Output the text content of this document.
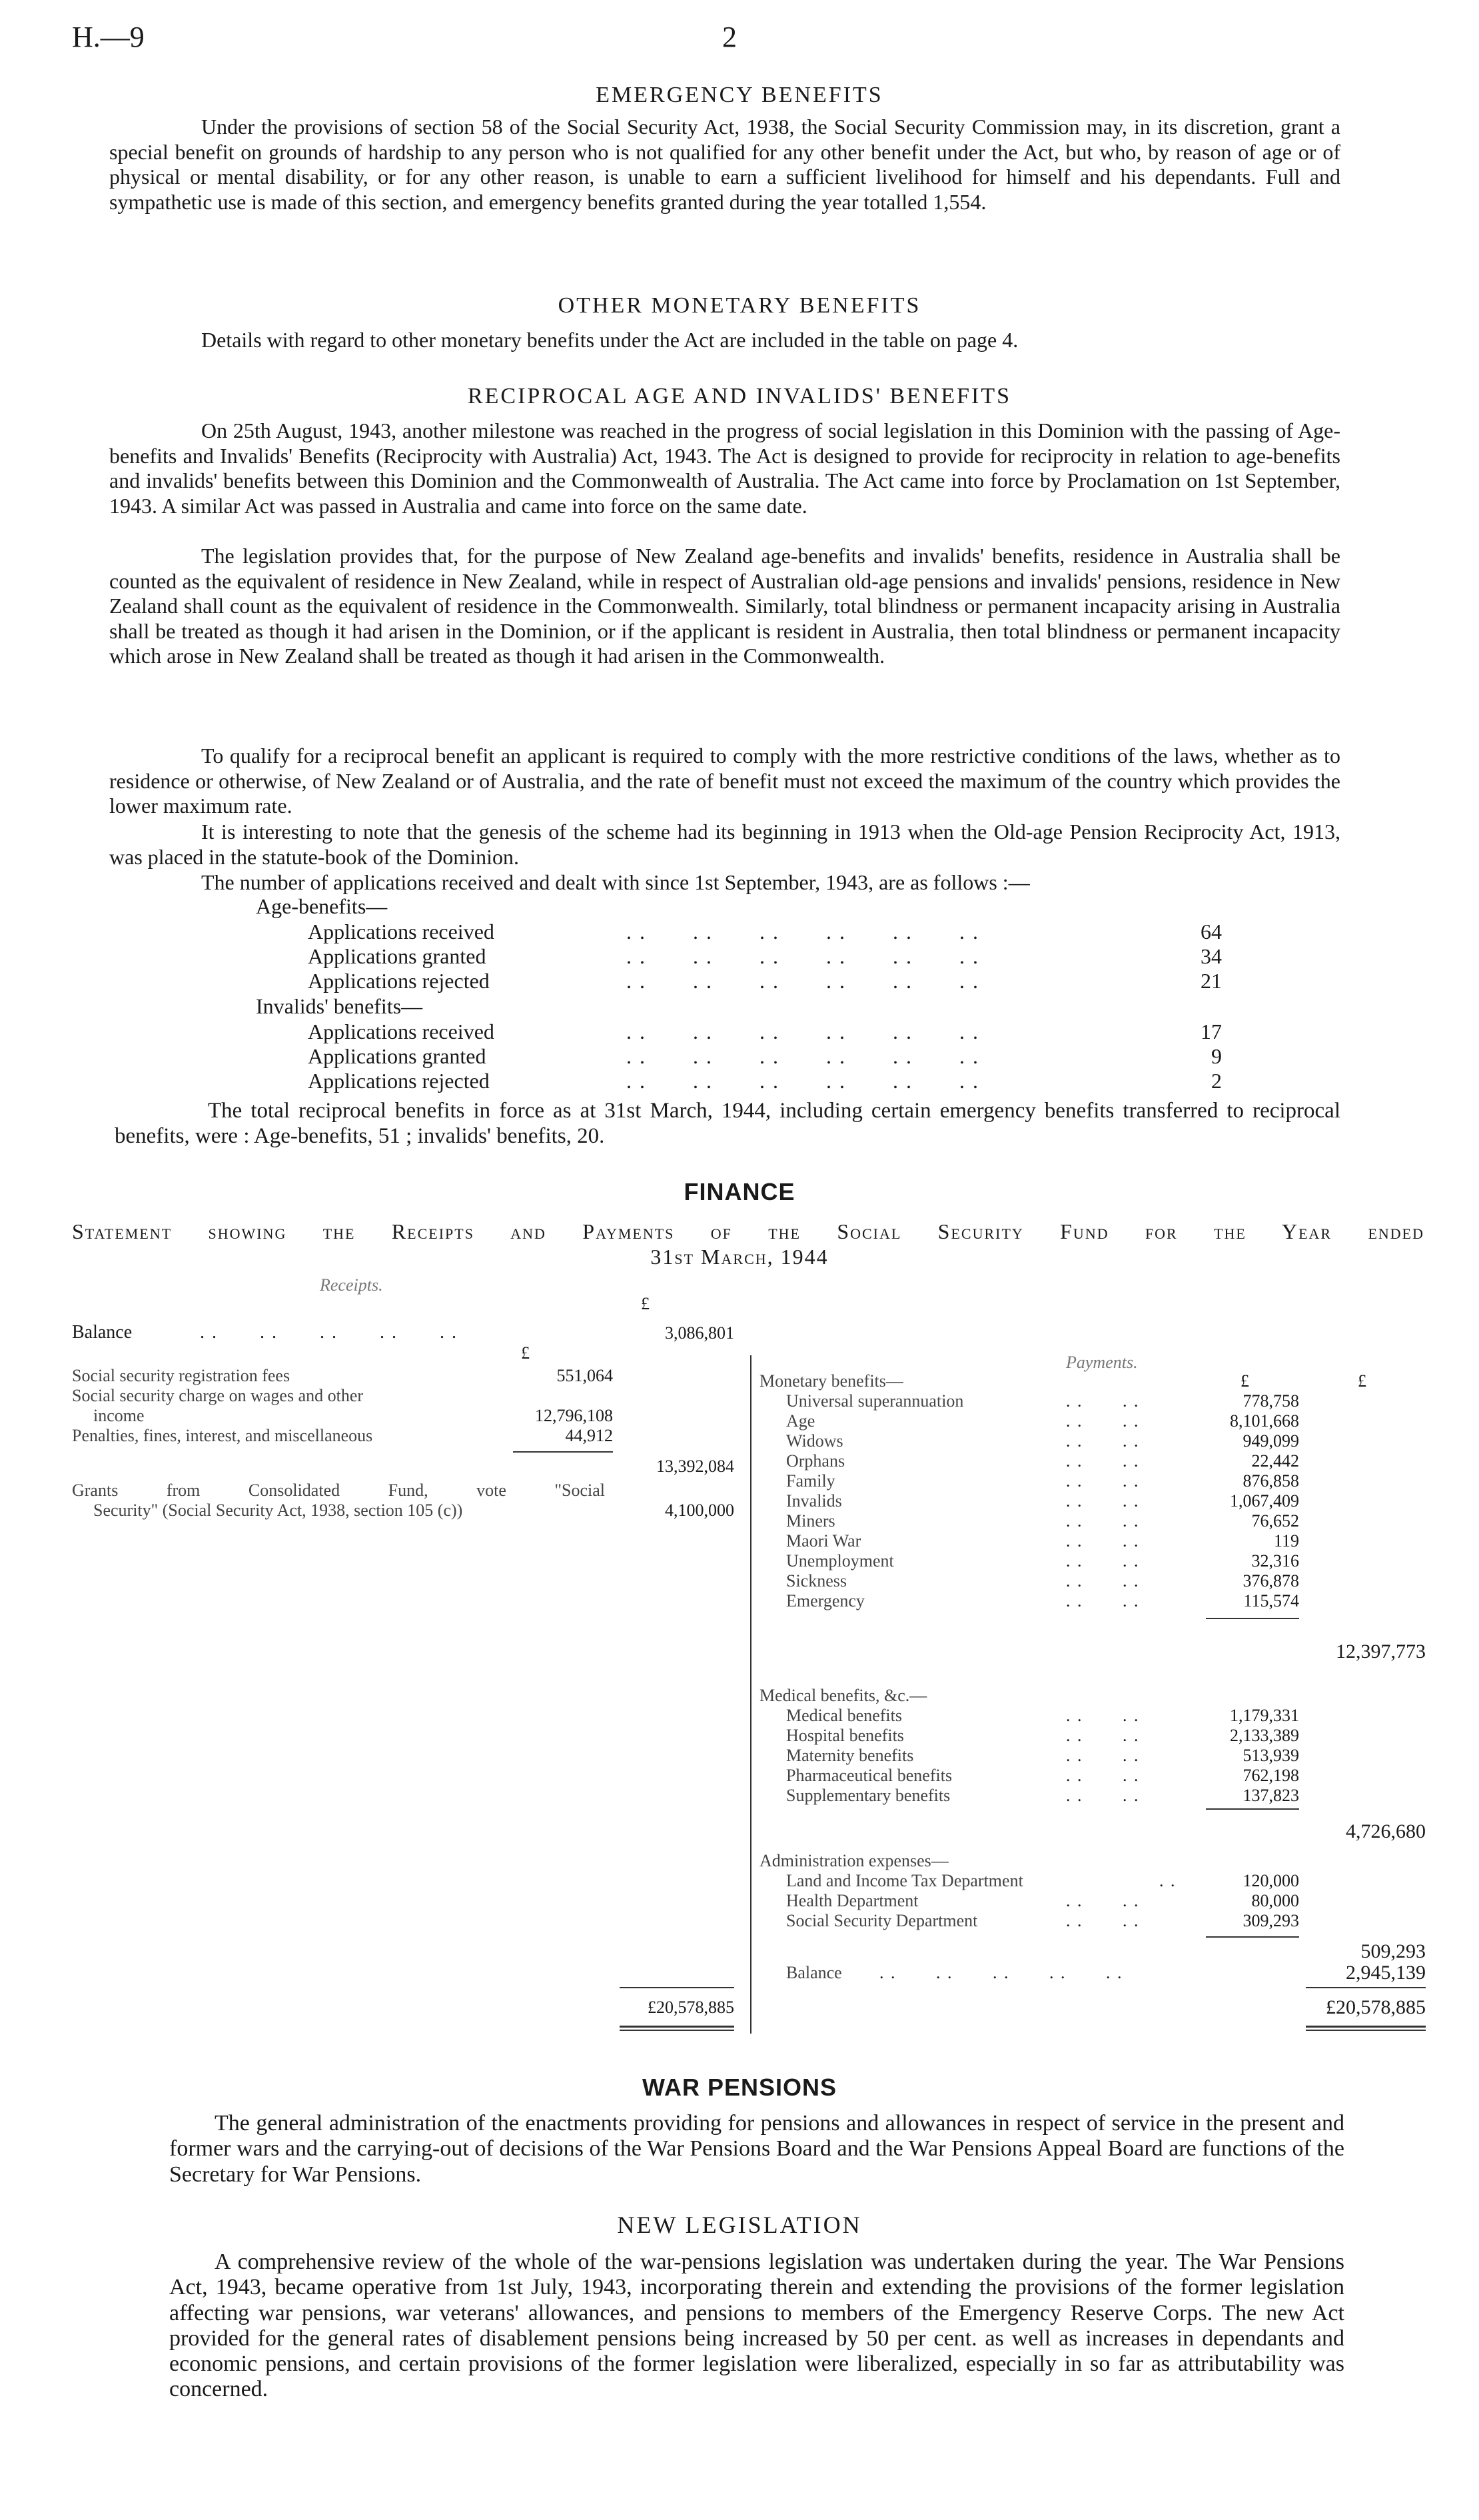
H.—9	2
EMERGENCY BENEFITS

Under the provisions of section 58 of the Social Security Act, 1938, the Social Security Commission may, in its discretion, grant a special benefit on grounds of hardship to any person who is not qualified for any other benefit under the Act, but who, by reason of age or of physical or mental disability, or for any other reason, is unable to earn a sufficient livelihood for himself and his dependants. Full and sympathetic use is made of this section, and emergency benefits granted during the year totalled 1,554.

OTHER MONETARY BENEFITS

Details with regard to other monetary benefits under the Act are included in the table on page 4.

RECIPROCAL AGE AND INVALIDS' BENEFITS

On 25th August, 1943, another milestone was reached in the progress of social legislation in this Dominion with the passing of Age-benefits and Invalids' Benefits (Reciprocity with Australia) Act, 1943. The Act is designed to provide for reciprocity in relation to age-benefits and invalids' benefits between this Dominion and the Commonwealth of Australia. The Act came into force by Proclamation on 1st September, 1943. A similar Act was passed in Australia and came into force on the same date.

The legislation provides that, for the purpose of New Zealand age-benefits and invalids' benefits, residence in Australia shall be counted as the equivalent of residence in New Zealand, while in respect of Australian old-age pensions and invalids' pensions, residence in New Zealand shall count as the equivalent of residence in the Commonwealth. Similarly, total blindness or permanent incapacity arising in Australia shall be treated as though it had arisen in the Dominion, or if the applicant is resident in Australia, then total blindness or permanent incapacity which arose in New Zealand shall be treated as though it had arisen in the Commonwealth.

To qualify for a reciprocal benefit an applicant is required to comply with the more restrictive conditions of the laws, whether as to residence or otherwise, of New Zealand or of Australia, and the rate of benefit must not exceed the maximum of the country which provides the lower maximum rate.

It is interesting to note that the genesis of the scheme had its beginning in 1913 when the Old-age Pension Reciprocity Act, 1913, was placed in the statute-book of the Dominion.

The number of applications received and dealt with since 1st September, 1943, are as follows :—

Age-benefits—
Applications received	. .       . .       . .       . .       . .       . .	64
Applications granted	. .       . .       . .       . .       . .       . .	34
Applications rejected	. .       . .       . .       . .       . .       . .	21
Invalids' benefits—
Applications received	. .       . .       . .       . .       . .       . .	17
Applications granted	. .       . .       . .       . .       . .       . .	9
Applications rejected	. .       . .       . .       . .       . .       . .	2

The total reciprocal benefits in force as at 31st March, 1944, including certain emergency benefits transferred to reciprocal benefits, were : Age-benefits, 51 ; invalids' benefits, 20.

FINANCE
Statement showing the Receipts and Payments of the Social Security Fund for the Year ended
31st March, 1944
Receipts.
£
Balance	. .       . .       . .       . .       . .	3,086,801
£
Social security registration fees	551,064
Social security charge on wages and other
income	12,796,108
Penalties, fines, interest, and miscellaneous	44,912
13,392,084
Grants from Consolidated Fund, vote "Social
Security" (Social Security Act, 1938, section 105 (c))	4,100,000
£20,578,885
Payments.
Monetary benefits—	£	£
Universal superannuation	. .       . .	778,758
Age	. .       . .	8,101,668
Widows	. .       . .	949,099
Orphans	. .       . .	22,442
Family	. .       . .	876,858
Invalids	. .       . .	1,067,409
Miners	. .       . .	76,652
Maori War	. .       . .	119
Unemployment	. .       . .	32,316
Sickness	. .       . .	376,878
Emergency	. .       . .	115,574
12,397,773
Medical benefits, &c.—
Medical benefits	. .       . .	1,179,331
Hospital benefits	. .       . .	2,133,389
Maternity benefits	. .       . .	513,939
Pharmaceutical benefits	. .       . .	762,198
Supplementary benefits	. .       . .	137,823
4,726,680
Administration expenses—
Land and Income Tax Department	. .	120,000
Health Department	. .       . .	80,000
Social Security Department	. .       . .	309,293
509,293
Balance . .       . .       . .       . .       . .	2,945,139
£20,578,885
WAR PENSIONS

The general administration of the enactments providing for pensions and allowances in respect of service in the present and former wars and the carrying-out of decisions of the War Pensions Board and the War Pensions Appeal Board are functions of the Secretary for War Pensions.

NEW LEGISLATION

A comprehensive review of the whole of the war-pensions legislation was undertaken during the year. The War Pensions Act, 1943, became operative from 1st July, 1943, incorporating therein and extending the provisions of the former legislation affecting war pensions, war veterans' allowances, and pensions to members of the Emergency Reserve Corps. The new Act provided for the general rates of disablement pensions being increased by 50 per cent. as well as increases in dependants and economic pensions, and certain provisions of the former legislation were liberalized, especially in so far as attributability was concerned.
